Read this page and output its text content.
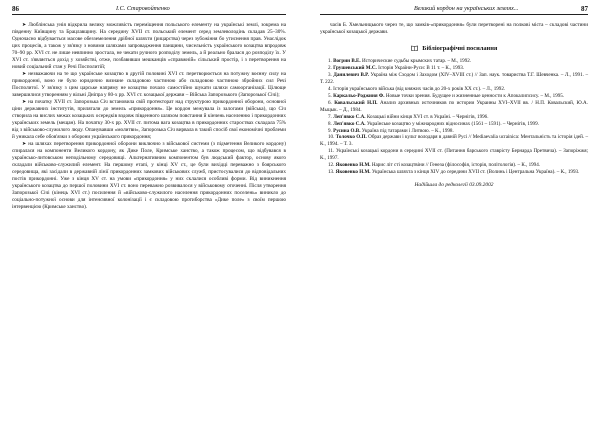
86	І.С. Старовойтенко

➤ Люблінська унія відкрила велику можливість переміщення польського елементу на українські землі, зокрема на південну Київщину та Брацлавщину. На середину XVII ст. польський елемент серед землеволодінь складав 25–30%. Одночасно відбувається масове обезземелення дрібної шляхти (рицарства) через зубожіння бо утиснення прав. Унаслідок цих процесів, а також у зв'язку з новими шляхами запровадження панщини, чисельність українського козацтва впродовж 70–90 рр. XVI ст. не лише невпинно зростала, не чекати ручного розподілу земель, а й реально бралася до розподілу їх. У XVI ст. з'являється дохід у хозяйстві, отже, позбавивши мешканців «справжній» сільський простір, і з перетворення на новий соціальний стан у Речі Посполитій;

➤ незважаючи на те що українське козацтво в другій половині XVI ст. перетворюється на потужну воєнну силу на прикордонні, воно не було юридично визнане складовою частиною або складовою частиною збройних сил Речі Посполитої. У зв'язку з цим царське напряму не козацтво почало самостійно шукати шляхи самоорганізації. Цілюще завершилися утворенням у вільні Дніпра у 80-х рр. XVI ст. козацької держави – Війська Запорозького (Запорозької Січі);

➤ на початку XVII ст. Запорозька Січ встановила свій протекторат над структурою прикордонної оборони, основної ціни державних інститутів, прилягали до земель «прикордоння». Це кордон межувала із залогами (війська), що Січ створила на вислих межах козацьких осередків вздовж південного шляхом повстання й кінчень населенню і прикордонних українських земель (мещан). На початку 30-х рр. XVII ст. питома вага козацтва в прикордонних староствах складала 75% від з військово-служилого люду. Опанувавши «молитви», Запорозька Січ вирвала в такий спосіб свої економічні проблеми й уникала себе обов'язки з оборони українського прикордоння;

➤ на шляхах перетворення прикордонної оборони виключно з військової системи (з підметення Великого кордону) спиралася на компоненти Великого кордону, як Дике Поле, Кримське ханство, а також процесом, що відбувався в українсько-литовськом неподільному середовищі. Альтернативним компонентом був людський фактор, основу якого складали військово-служилий елемент. На першому етапі, у кінці XV ст., це були вихідці переважно з боярського середовища, які засідали в державній лінії прикордонних замкових військових служб, пристосувалися до відповідальних постів прикордонні. Уже з кінця XV ст. на умови «прикордоння» у них склалися особливі форми. Від виникнення українського козацтва до першої половини XVI ст. воно переважно розвивалося у військовому оточенні. Після утворення Запорозької Січі (кінець XVI ст.) посилення й «військово-служилого населення прикордонних поселень» виникло до соціально-потужної основи для інтенсивної колонізації і є складовою протиборства «Дике поле» з своїм першою інтервенцією (Кримське ханство).

Великий кордон на українських землях...	87

часів Б. Хмельницького через те, що замків-«прикордоння» були перетворені на полкові міста – складові частини української козацької держави.

Бібліографічні посилання
1. Вогрин В.Е. Исторические судьбы крымских татар. – М., 1992.
2. Грушевський М.С. Історія України-Руси: В 11 т. – К., 1993.
3. Данилевич В.Р. Україна між Сходом і Заходом (XIV–XVIII ст.) // Зап. наук. товариства Т.Г. Шевченка. – Л., 1991. – Т. 222.
4. Історія українського війська (від княжих часів до 20-х років XX ст.). – Л., 1992.
5. Каркальо-Роджиня Ф. Новые точки зрения. Будущее и жизненные ценности к Апокалипсису. – М., 1995.
6. Ковальський Н.П. Анализ архивных источников по истории Украины XVI–XVII вв. / Н.П. Ковальский, Ю.А. Мыцык. – Д., 1984.
7. Леп'явко С.А. Козацькі війни кінця XVI ст. в Україні. – Чернігів, 1996.
8. Леп'явко С.А. Українське козацтво у міжнародних відносинах (1561 – 1591). – Чернігів, 1999.
9. Русина О.В. Україна під татарами і Литвою. – К., 1998.
10. Толочко О.П. Образ держави і культ володаря в давній Русі // Mediaevalia ucrainica: Ментальність та історія ідей. – К., 1994. – Т. 3.
11. Українські козацькі кордони в середині XVII ст. (Питання барського ставрісту Бернарда Претвича). – Запоріжжя; К., 1997.
12. Яковенко Н.М. Нарис літ сті козацтвіни // Генеза (філософія, історія, політологія). – К., 1994.
13. Яковенко Н.М. Українська шляхта з кінця XIV до середини XVII ст. (Волинь і Центральна Україна). – К., 1993.
Надійшла до редколегії 03.09.2002
